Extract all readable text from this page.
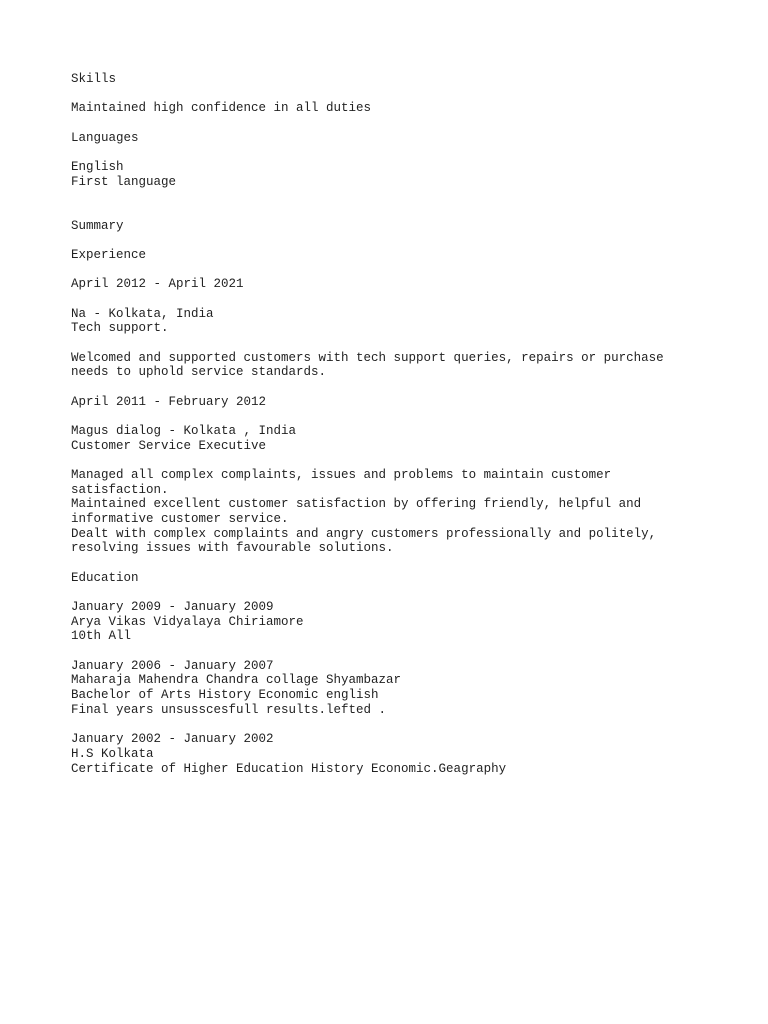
Skills
Maintained high confidence in all duties
Languages
English
First language
Summary
Experience
April 2012 - April 2021
Na - Kolkata, India
Tech support.
Welcomed and supported customers with tech support queries, repairs or purchase needs to uphold service standards.
April 2011 - February 2012
Magus dialog - Kolkata , India
Customer Service Executive
Managed all complex complaints, issues and problems to maintain customer satisfaction.
Maintained excellent customer satisfaction by offering friendly, helpful and informative customer service.
Dealt with complex complaints and angry customers professionally and politely, resolving issues with favourable solutions.
Education
January 2009 - January 2009
Arya Vikas Vidyalaya Chiriamore
10th All
January 2006 - January 2007
Maharaja Mahendra Chandra collage Shyambazar
Bachelor of Arts History Economic english
Final years unsusscesfull results.lefted .
January 2002 - January 2002
H.S Kolkata
Certificate of Higher Education History Economic.Geagraphy
